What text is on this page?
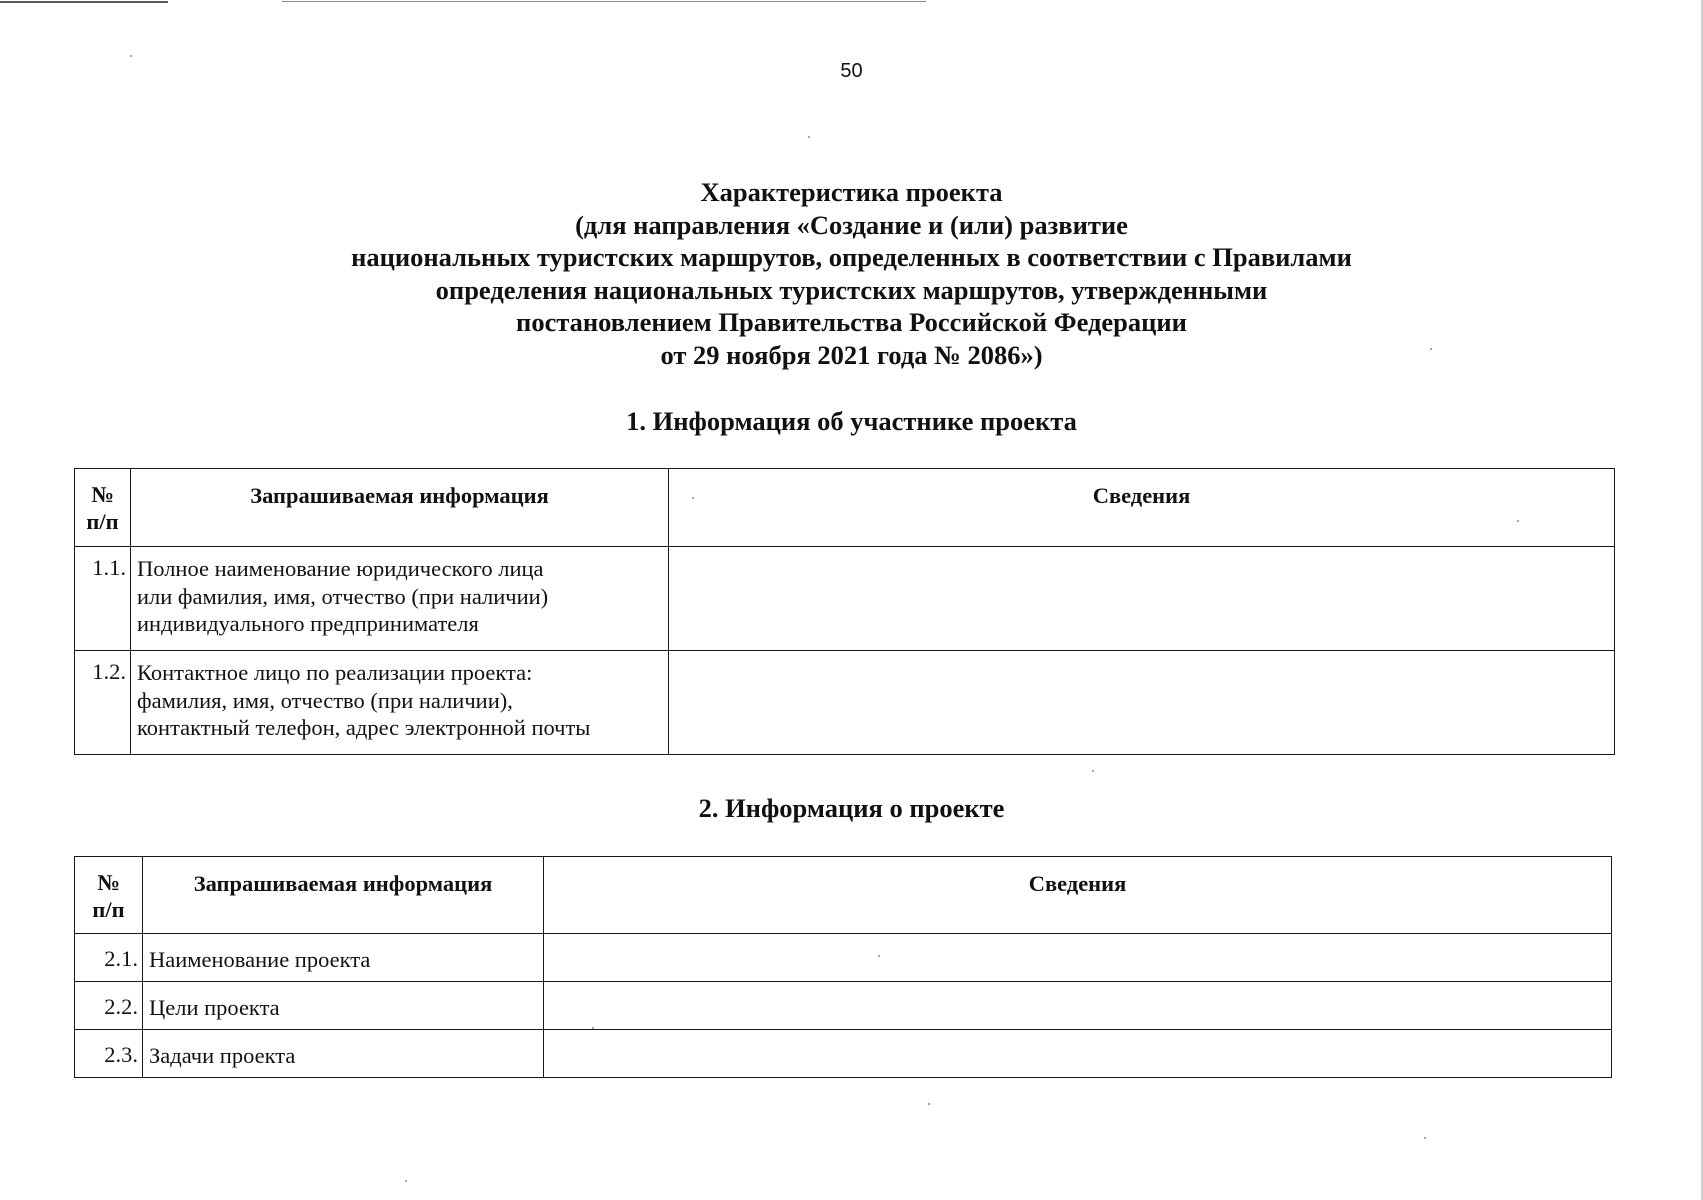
50
Характеристика проекта
(для направления «Создание и (или) развитие
национальных туристских маршрутов, определенных в соответствии с Правилами
определения национальных туристских маршрутов, утвержденными
постановлением Правительства Российской Федерации
от 29 ноября 2021 года № 2086»)
1. Информация об участнике проекта
№
п/п	Запрашиваемая информация	Сведения
1.1.	Полное наименование юридического лица
или фамилия, имя, отчество (при наличии)
индивидуального предпринимателя	

1.2.	Контактное лицо по реализации проекта:
фамилия, имя, отчество (при наличии),
контактный телефон, адрес электронной почты	

2. Информация о проекте
№
п/п	Запрашиваемая информация	Сведения
2.1.	Наименование проекта	
2.2.	Цели проекта	
2.3.	Задачи проекта	
